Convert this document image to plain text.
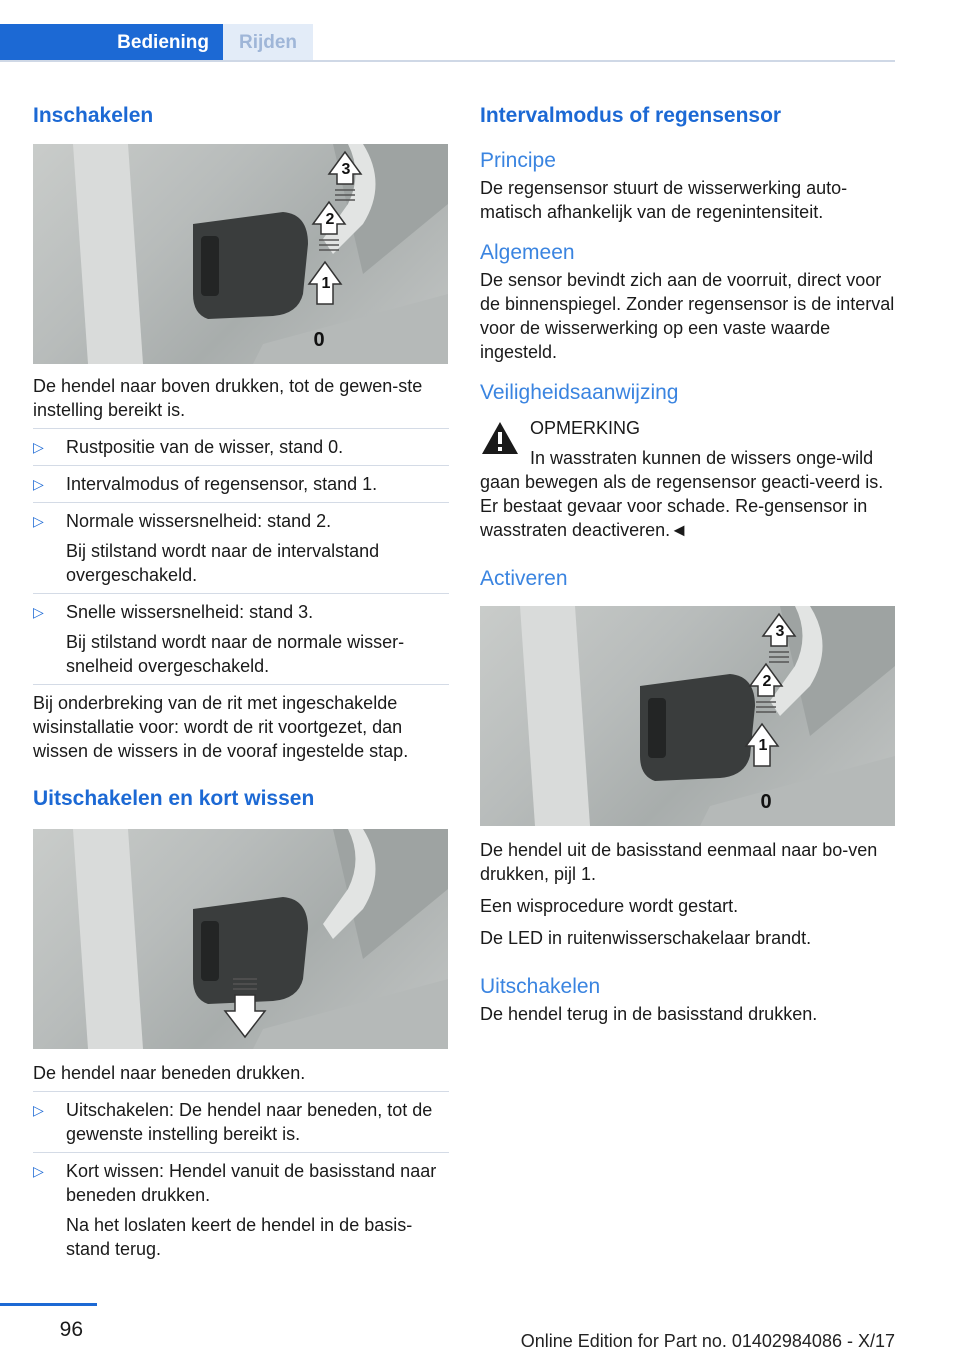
Bediening	Rijden
Inschakelen
3
2
1
0

De hendel naar boven drukken, tot de gewen-ste instelling bereikt is.

▷ Rustpositie van de wisser, stand 0.
▷ Intervalmodus of regensensor, stand 1.
▷ Normale wissersnelheid: stand 2.
Bij stilstand wordt naar de intervalstand overgeschakeld.
▷ Snelle wissersnelheid: stand 3.
Bij stilstand wordt naar de normale wisser-snelheid overgeschakeld.

Bij onderbreking van de rit met ingeschakelde wisinstallatie voor: wordt de rit voortgezet, dan wissen de wissers in de vooraf ingestelde stap.

Uitschakelen en kort wissen

De hendel naar beneden drukken.

▷ Uitschakelen: De hendel naar beneden, tot de gewenste instelling bereikt is.
▷ Kort wissen: Hendel vanuit de basisstand naar beneden drukken.
Na het loslaten keert de hendel in de basis-stand terug.
Intervalmodus of regensensor
Principe

De regensensor stuurt de wisserwerking auto-matisch afhankelijk van de regenintensiteit.

Algemeen

De sensor bevindt zich aan de voorruit, direct voor de binnenspiegel. Zonder regensensor is de interval voor de wisserwerking op een vaste waarde ingesteld.

Veiligheidsaanwijzing

OPMERKING

In wasstraten kunnen de wissers onge-wild gaan bewegen als de regensensor geacti-veerd is. Er bestaat gevaar voor schade. Re-gensensor in wasstraten deactiveren.◄

Activeren
3
2
1
0

De hendel uit de basisstand eenmaal naar bo-ven drukken, pijl 1.

Een wisprocedure wordt gestart.

De LED in ruitenwisserschakelaar brandt.

Uitschakelen

De hendel terug in de basisstand drukken.

96	Online Edition for Part no. 01402984086 - X/17
